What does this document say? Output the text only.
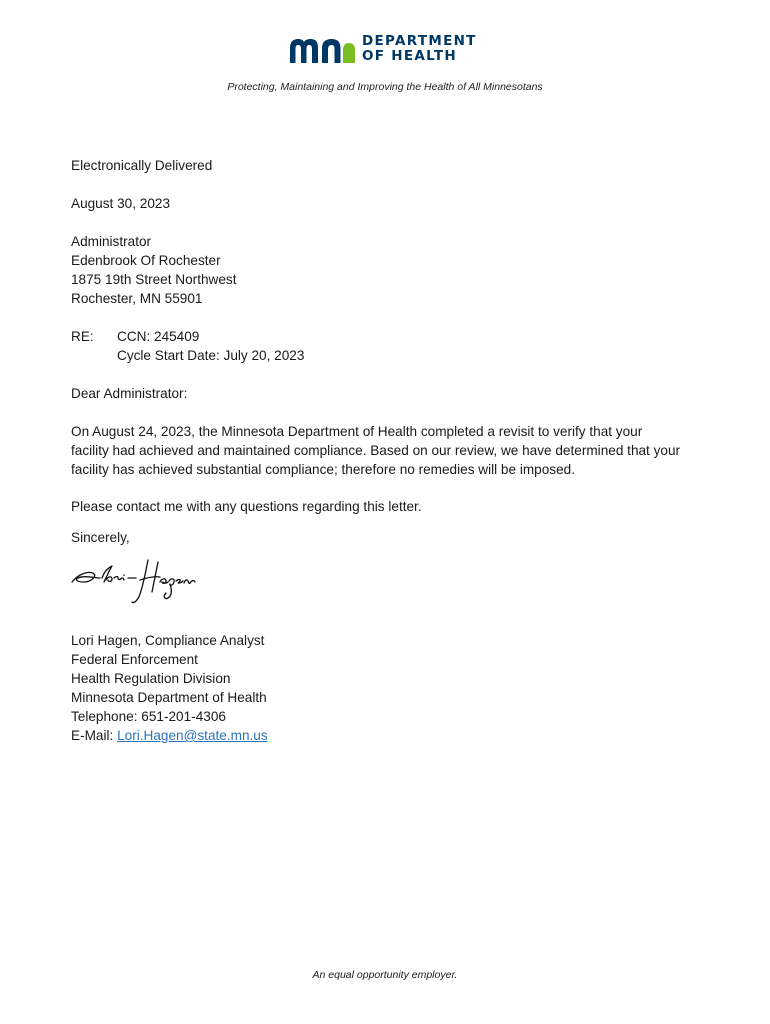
DEPARTMENT
OF HEALTH
Protecting, Maintaining and Improving the Health of All Minnesotans
Electronically Delivered
August 30, 2023
Administrator
Edenbrook Of Rochester
1875 19th Street Northwest
Rochester, MN 55901
RE:	CCN: 245409
Cycle Start Date: July 20, 2023
Dear Administrator:
On August 24, 2023, the Minnesota Department of Health completed a revisit to verify that your
facility had achieved and maintained compliance. Based on our review, we have determined that your
facility has achieved substantial compliance; therefore no remedies will be imposed.
Please contact me with any questions regarding this letter.
Sincerely,
Lori Hagen, Compliance Analyst
Federal Enforcement
Health Regulation Division
Minnesota Department of Health
Telephone: 651-201-4306
E-Mail: Lori.Hagen@state.mn.us
An equal opportunity employer.
